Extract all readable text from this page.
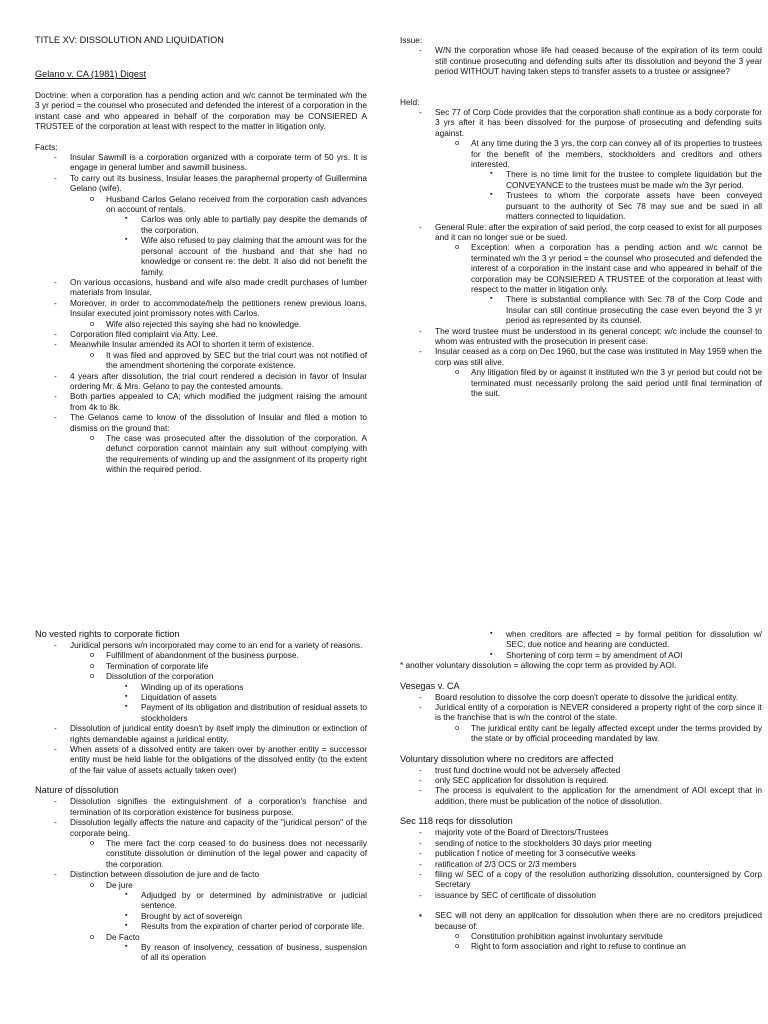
TITLE XV: DISSOLUTION AND LIQUIDATION

Gelano v. CA (1981) Digest

Doctrine: when a corporation has a pending action and w/c cannot be terminated w/n the 3 yr period = the counsel who prosecuted and defended the interest of a corporation in the instant case and who appeared in behalf of the corporation may be CONSIERED A TRUSTEE of the corporation at least with respect to the matter in litigation only.

Facts:

- Insular Sawmill is a corporation organized with a corporate term of 50 yrs. It is engage in general lumber and sawmill business.
- To carry out its business, Insular leases the paraphernal property of Guillermina Gelano (wife).
o Husband Carlos Gelano received from the corporation cash advances on account of rentals.
▪ Carlos was only able to partially pay despite the demands of the corporation.
▪ Wife also refused to pay claiming that the amount was for the personal account of the husband and that she had no knowledge or consent re: the debt. It also did not benefit the family.
- On various occasions, husband and wife also made credit purchases of lumber materials from Insular.
- Moreover, in order to accommodate/help the petitioners renew previous loans, Insular executed joint promissory notes with Carlos.
o Wife also rejected this saying she had no knowledge.
- Corporation filed complaint via Atty. Lee.
- Meanwhile Insular amended its AOI to shorten it term of existence.
o It was filed and approved by SEC but the trial court was not notified of the amendment shortening the corporate existence.
- 4 years after dissolution, the trial court rendered a decision in favor of Insular ordering Mr. & Mrs. Gelano to pay the contested amounts.
- Both parties appealed to CA; which modified the judgment raising the amount from 4k to 8k.
- The Gelanos came to know of the dissolution of Insular and filed a motion to dismiss on the ground that:
o The case was prosecuted after the dissolution of the corporation. A defunct corporation cannot maintain any suit without complying with the requirements of winding up and the assignment of its property right within the required period.

Issue:

- W/N the corporation whose life had ceased because of the expiration of its term could still continue prosecuting and defending suits after its dissolution and beyond the 3 year period WITHOUT having taken steps to transfer assets to a trustee or assignee?

Held:

- Sec 77 of Corp Code provides that the corporation shall continue as a body corporate for 3 yrs after it has been dissolved for the purpose of prosecuting and defending suits against.
o At any time during the 3 yrs, the corp can convey all of its properties to trustees for the benefit of the members, stockholders and creditors and others interested.
▪ There is no time limit for the trustee to complete liquidation but the CONVEYANCE to the trustees must be made w/n the 3yr period.
▪ Trustees to whom the corporate assets have been conveyed pursuant to the authority of Sec 78 may sue and be sued in all matters connected to liquidation.
- General Rule: after the expiration of said period, the corp ceased to exist for all purposes and it can no longer sue or be sued.
o Exception: when a corporation has a pending action and w/c cannot be terminated w/n the 3 yr period = the counsel who prosecuted and defended the interest of a corporation in the instant case and who appeared in behalf of the corporation may be CONSIERED A TRUSTEE of the corporation at least with respect to the matter in litigation only.
▪ There is substantial compliance with Sec 78 of the Corp Code and Insular can still continue prosecuting the case even beyond the 3 yr period as represented by its counsel.
- The word trustee must be understood in its general concept: w/c include the counsel to whom was entrusted with the prosecution in present case.
- Insular ceased as a corp on Dec 1960, but the case was instituted in May 1959 when the corp was still alive.
o Any litigation filed by or against it instituted w/n the 3 yr period but could not be terminated must necessarily prolong the said period until final termination of the suit.

No vested rights to corporate fiction

- Juridical persons w/n incorporated may come to an end for a variety of reasons.
o Fulfillment of abandonment of the business purpose.
o Termination of corporate life
o Dissolution of the corporation
▪ Winding up of its operations
▪ Liquidation of assets
▪ Payment of its obligation and distribution of residual assets to stockholders
- Dissolution of juridical entity doesn't by itself imply the diminution or extinction of rights demandable against a juridical entity.
- When assets of a dissolved entity are taken over by another entity = successor entity must be held liable for the obligations of the dissolved entity (to the extent of the fair value of assets actually taken over)

Nature of dissolution

- Dissolution signifies the extinguishment of a corporation's franchise and termination of its corporation existence for business purpose.
- Dissolution legally affects the nature and capacity of the "juridical person" of the corporate being.
o The mere fact the corp ceased to do business does not necessarily constitute dissolution or diminution of the legal power and capacity of the corporation.
- Distinction between dissolution de jure and de facto
o De jure
▪ Adjudged by or determined by administrative or judicial sentence.
▪ Brought by act of sovereign
▪ Results from the expiration of charter period of corporate life.
o De Facto
▪ By reason of insolvency, cessation of business, suspension of all its operation
▪ when creditors are affected = by formal petition for dissolution w/ SEC, due notice and hearing are conducted.
▪ Shortening of corp term = by amendment of AOI

* another voluntary dissolution = allowing the copr term as provided by AOI.

Vesegas v. CA

- Board resolution to dissolve the corp doesn't operate to dissolve the juridical entity.
- Juridical entity of a corporation is NEVER considered a property right of the corp since it is the franchise that is w/n the control of the state.
o The juridical entity cant be legally affected except under the terms provided by the state or by official proceeding mandated by law.

Voluntary dissolution where no creditors are affected

- trust fund doctrine would not be adversely affected
- only SEC application for dissolution is required.
- The process is equivalent to the application for the amendment of AOI except that in addition, there must be publication of the notice of dissolution.

Sec 118 reqs for dissolution

- majority vote of the Board of Directors/Trustees
- sending of notice to the stockholders 30 days prior meeting
- publication f notice of meeting for 3 consecutive weeks
- ratification of 2/3 OCS or 2/3 members
- filing w/ SEC of a copy of the resolution authorizing dissolution, countersigned by Corp Secretary
- issuance by SEC of certificate of dissolution
▪ SEC will not deny an application for dissolution when there are no creditors prejudiced because of:
o Constitution prohibition against involuntary servitude
o Right to form association and right to refuse to continue an
